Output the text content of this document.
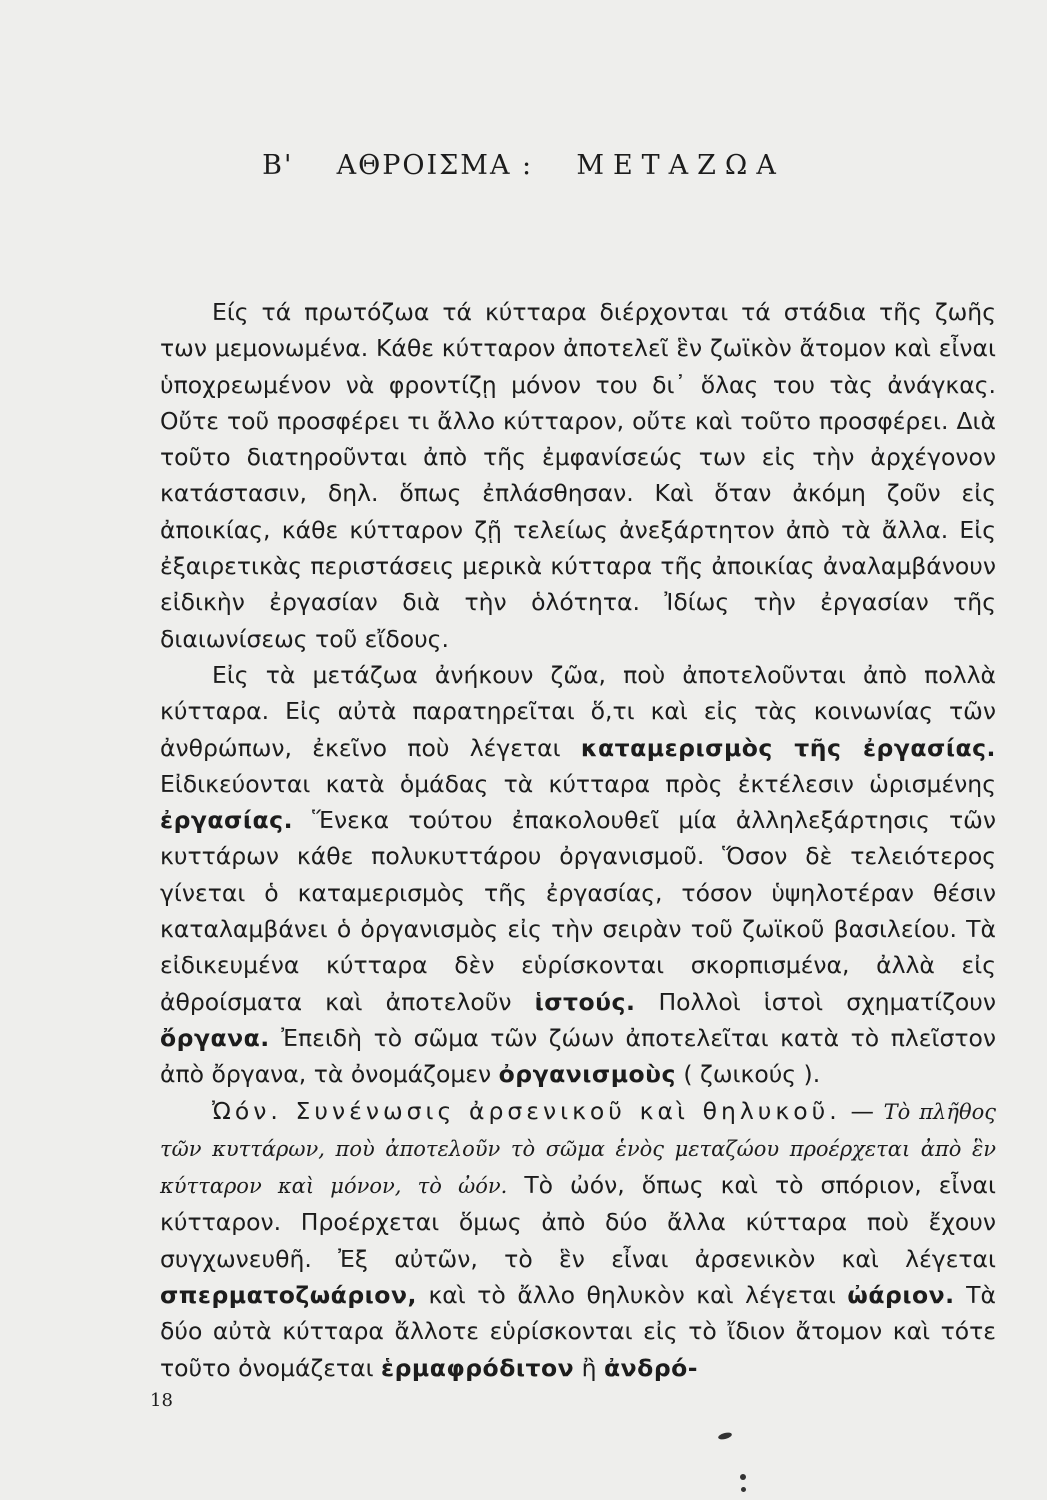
Β' ΑΘΡΟΙΣΜΑ : ΜΕΤΑΖΩΑ

Είς τά πρωτόζωα τά κύτταρα διέρχονται τά στάδια τῆς ζωῆς των μεμονωμένα. Κάθε κύτταρον ἀποτελεῖ ἓν ζωϊκὸν ἄτομον καὶ εἶναι ὑποχρεωμένον νὰ φροντίζῃ μόνον του δι᾽ ὅλας του τὰς ἀνάγκας. Οὔτε τοῦ προσφέρει τι ἄλλο κύτταρον, οὔτε καὶ τοῦτο προσφέρει. Διὰ τοῦτο διατηροῦνται ἀπὸ τῆς ἐμφανίσεώς των εἰς τὴν ἀρχέγονον κατάστασιν, δηλ. ὅπως ἐπλάσθησαν. Καὶ ὅταν ἀκόμη ζοῦν εἰς ἀποικίας, κάθε κύτταρον ζῇ τελείως ἀνεξάρτητον ἀπὸ τὰ ἄλλα. Εἰς ἐξαιρετικὰς περιστάσεις μερικὰ κύτταρα τῆς ἀποικίας ἀναλαμβάνουν εἰδικὴν ἐργασίαν διὰ τὴν ὁλότητα. Ἰδίως τὴν ἐργασίαν τῆς διαιωνίσεως τοῦ εἴδους.

Εἰς τὰ μετάζωα ἀνήκουν ζῶα, ποὺ ἀποτελοῦνται ἀπὸ πολλὰ κύτταρα. Εἰς αὐτὰ παρατηρεῖται ὅ,τι καὶ εἰς τὰς κοινωνίας τῶν ἀνθρώπων, ἐκεῖνο ποὺ λέγεται καταμερισμὸς τῆς ἐργασίας. Εἰδικεύονται κατὰ ὁμάδας τὰ κύτταρα πρὸς ἐκτέλεσιν ὡρισμένης ἐργασίας. Ἕνεκα τούτου ἐπακολουθεῖ μία ἀλληλεξάρτησις τῶν κυττάρων κάθε πολυκυττάρου ὀργανισμοῦ. Ὅσον δὲ τελειότερος γίνεται ὁ καταμερισμὸς τῆς ἐργασίας, τόσον ὑψηλοτέραν θέσιν καταλαμβάνει ὁ ὀργανισμὸς εἰς τὴν σειρὰν τοῦ ζωϊκοῦ βασιλείου. Τὰ εἰδικευμένα κύτταρα δὲν εὑρίσκονται σκορπισμένα, ἀλλὰ εἰς ἀθροίσματα καὶ ἀποτελοῦν ἱστούς. Πολλοὶ ἱστοὶ σχηματίζουν ὄργανα. Ἐπειδὴ τὸ σῶμα τῶν ζώων ἀποτελεῖται κατὰ τὸ πλεῖστον ἀπὸ ὄργανα, τὰ ὀνομάζομεν ὀργανισμοὺς ( ζωικούς ).

Ὠόν. Συνένωσις ἀρσενικοῦ καὶ θηλυκοῦ. — Τὸ πλῆθος τῶν κυττάρων, ποὺ ἀποτελοῦν τὸ σῶμα ἑνὸς μεταζώου προέρχεται ἀπὸ ἓν κύτταρον καὶ μόνον, τὸ ὠόν. Τὸ ὠόν, ὅπως καὶ τὸ σπόριον, εἶναι κύτταρον. Προέρχεται ὅμως ἀπὸ δύο ἄλλα κύτταρα ποὺ ἔχουν συγχωνευθῆ. Ἐξ αὐτῶν, τὸ ἓν εἶναι ἀρσενικὸν καὶ λέγεται σπερματοζωάριον, καὶ τὸ ἄλλο θηλυκὸν καὶ λέγεται ὠάριον. Τὰ δύο αὐτὰ κύτταρα ἄλλοτε εὑρίσκονται εἰς τὸ ἴδιον ἄτομον καὶ τότε τοῦτο ὀνομάζεται ἑρμαφρόδιτον ἢ ἀνδρό-

18
